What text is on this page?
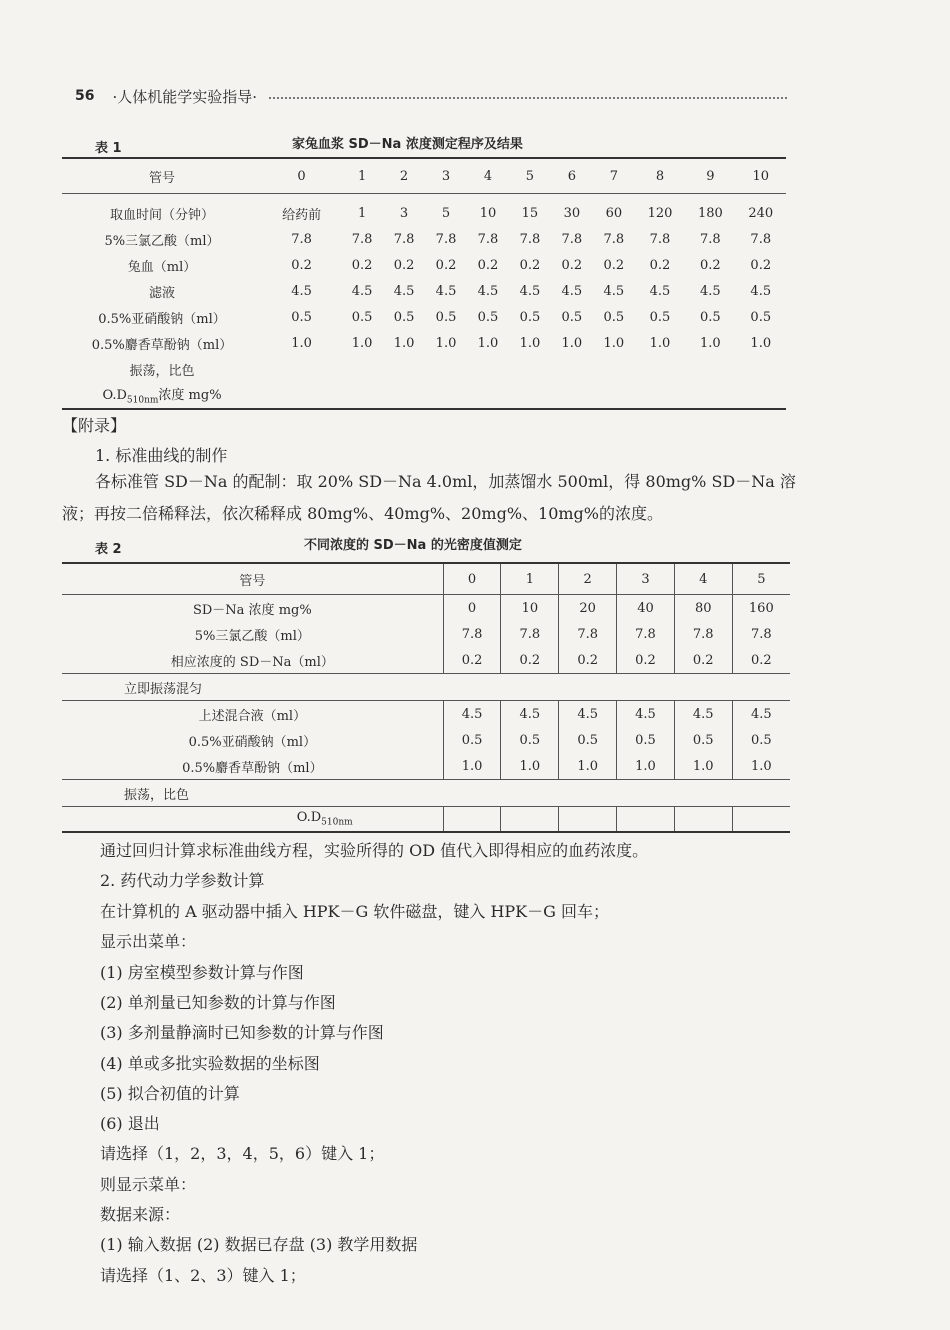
56 ·人体机能学实验指导·
表 1	家兔血浆 SD－Na 浓度测定程序及结果
管号	0	1	2	3	4	5	6	7	8	9	10
取血时间（分钟）	给药前	1	3	5	10	15	30	60	120	180	240
5%三氯乙酸（ml）	7.8	7.8	7.8	7.8	7.8	7.8	7.8	7.8	7.8	7.8	7.8
兔血（ml）	0.2	0.2	0.2	0.2	0.2	0.2	0.2	0.2	0.2	0.2	0.2
滤液	4.5	4.5	4.5	4.5	4.5	4.5	4.5	4.5	4.5	4.5	4.5
0.5%亚硝酸钠（ml）	0.5	0.5	0.5	0.5	0.5	0.5	0.5	0.5	0.5	0.5	0.5
0.5%麝香草酚钠（ml）	1.0	1.0	1.0	1.0	1.0	1.0	1.0	1.0	1.0	1.0	1.0
振荡，比色											
$O.D_{510nm}$浓度 mg%											
【附录】
1. 标准曲线的制作
各标准管 SD－Na 的配制：取 20% SD－Na 4.0ml，加蒸馏水 500ml，得 80mg% SD－Na 溶
液；再按二倍稀释法，依次稀释成 80mg%、40mg%、20mg%、10mg%的浓度。
表 2	不同浓度的 SD－Na 的光密度值测定
管号	0	1	2	3	4	5
SD－Na 浓度 mg%	0	10	20	40	80	160
5%三氯乙酸（ml）	7.8	7.8	7.8	7.8	7.8	7.8
相应浓度的 SD－Na（ml）	0.2	0.2	0.2	0.2	0.2	0.2
立即振荡混匀						
上述混合液（ml）	4.5	4.5	4.5	4.5	4.5	4.5
0.5%亚硝酸钠（ml）	0.5	0.5	0.5	0.5	0.5	0.5
0.5%麝香草酚钠（ml）	1.0	1.0	1.0	1.0	1.0	1.0
振荡，比色						
$O.D_{510nm}$						
通过回归计算求标准曲线方程，实验所得的 OD 值代入即得相应的血药浓度。
2. 药代动力学参数计算
在计算机的 A 驱动器中插入 HPK－G 软件磁盘，键入 HPK－G 回车；
显示出菜单：
(1) 房室模型参数计算与作图
(2) 单剂量已知参数的计算与作图
(3) 多剂量静滴时已知参数的计算与作图
(4) 单或多批实验数据的坐标图
(5) 拟合初值的计算
(6) 退出
请选择（1，2，3，4，5，6）键入 1；
则显示菜单：
数据来源：
(1) 输入数据 (2) 数据已存盘 (3) 教学用数据
请选择（1、2、3）键入 1；
